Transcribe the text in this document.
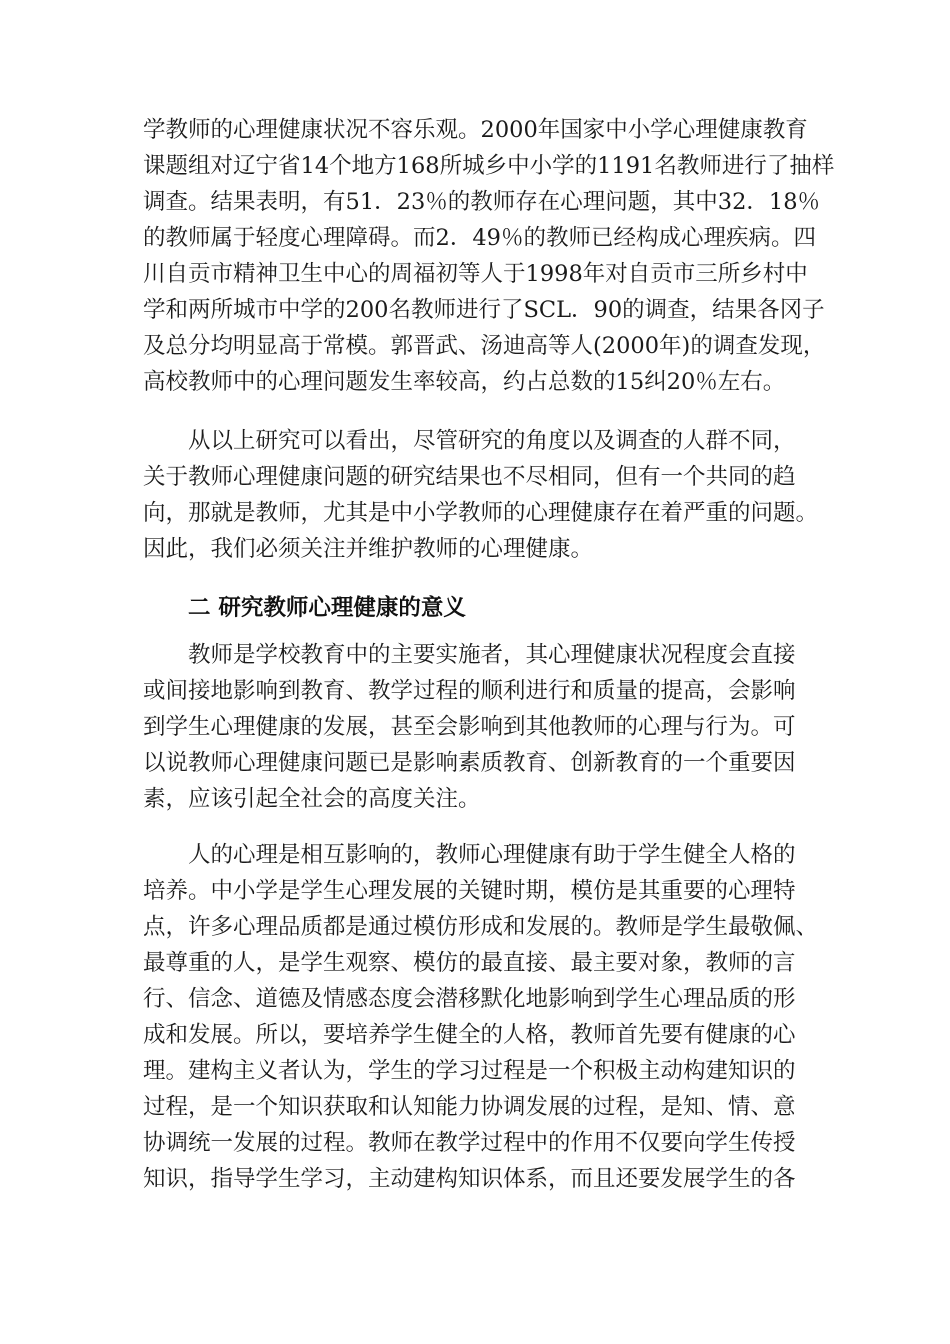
学教师的心理健康状况不容乐观。2000年国家中小学心理健康教育
课题组对辽宁省14个地方168所城乡中小学的1191名教师进行了抽样
调查。结果表明，有51．23％的教师存在心理问题，其中32．18％
的教师属于轻度心理障碍。而2．49％的教师已经构成心理疾病。四
川自贡市精神卫生中心的周福初等人于1998年对自贡市三所乡村中
学和两所城市中学的200名教师进行了SCL．90的调查，结果各冈子
及总分均明显高于常模。郭晋武、汤迪高等人(2000年)的调查发现，
高校教师中的心理问题发生率较高，约占总数的15纠20％左右。
从以上研究可以看出，尽管研究的角度以及调查的人群不同，
关于教师心理健康问题的研究结果也不尽相同，但有一个共同的趋
向，那就是教师，尤其是中小学教师的心理健康存在着严重的问题。
因此，我们必须关注并维护教师的心理健康。
二 研究教师心理健康的意义
教师是学校教育中的主要实施者，其心理健康状况程度会直接
或间接地影响到教育、教学过程的顺利进行和质量的提高，会影响
到学生心理健康的发展，甚至会影响到其他教师的心理与行为。可
以说教师心理健康问题已是影响素质教育、创新教育的一个重要因
素，应该引起全社会的高度关注。
人的心理是相互影响的，教师心理健康有助于学生健全人格的
培养。中小学是学生心理发展的关键时期，模仿是其重要的心理特
点，许多心理品质都是通过模仿形成和发展的。教师是学生最敬佩、
最尊重的人，是学生观察、模仿的最直接、最主要对象，教师的言
行、信念、道德及情感态度会潜移默化地影响到学生心理品质的形
成和发展。所以，要培养学生健全的人格，教师首先要有健康的心
理。建构主义者认为，学生的学习过程是一个积极主动构建知识的
过程，是一个知识获取和认知能力协调发展的过程，是知、情、意
协调统一发展的过程。教师在教学过程中的作用不仅要向学生传授
知识，指导学生学习，主动建构知识体系，而且还要发展学生的各
